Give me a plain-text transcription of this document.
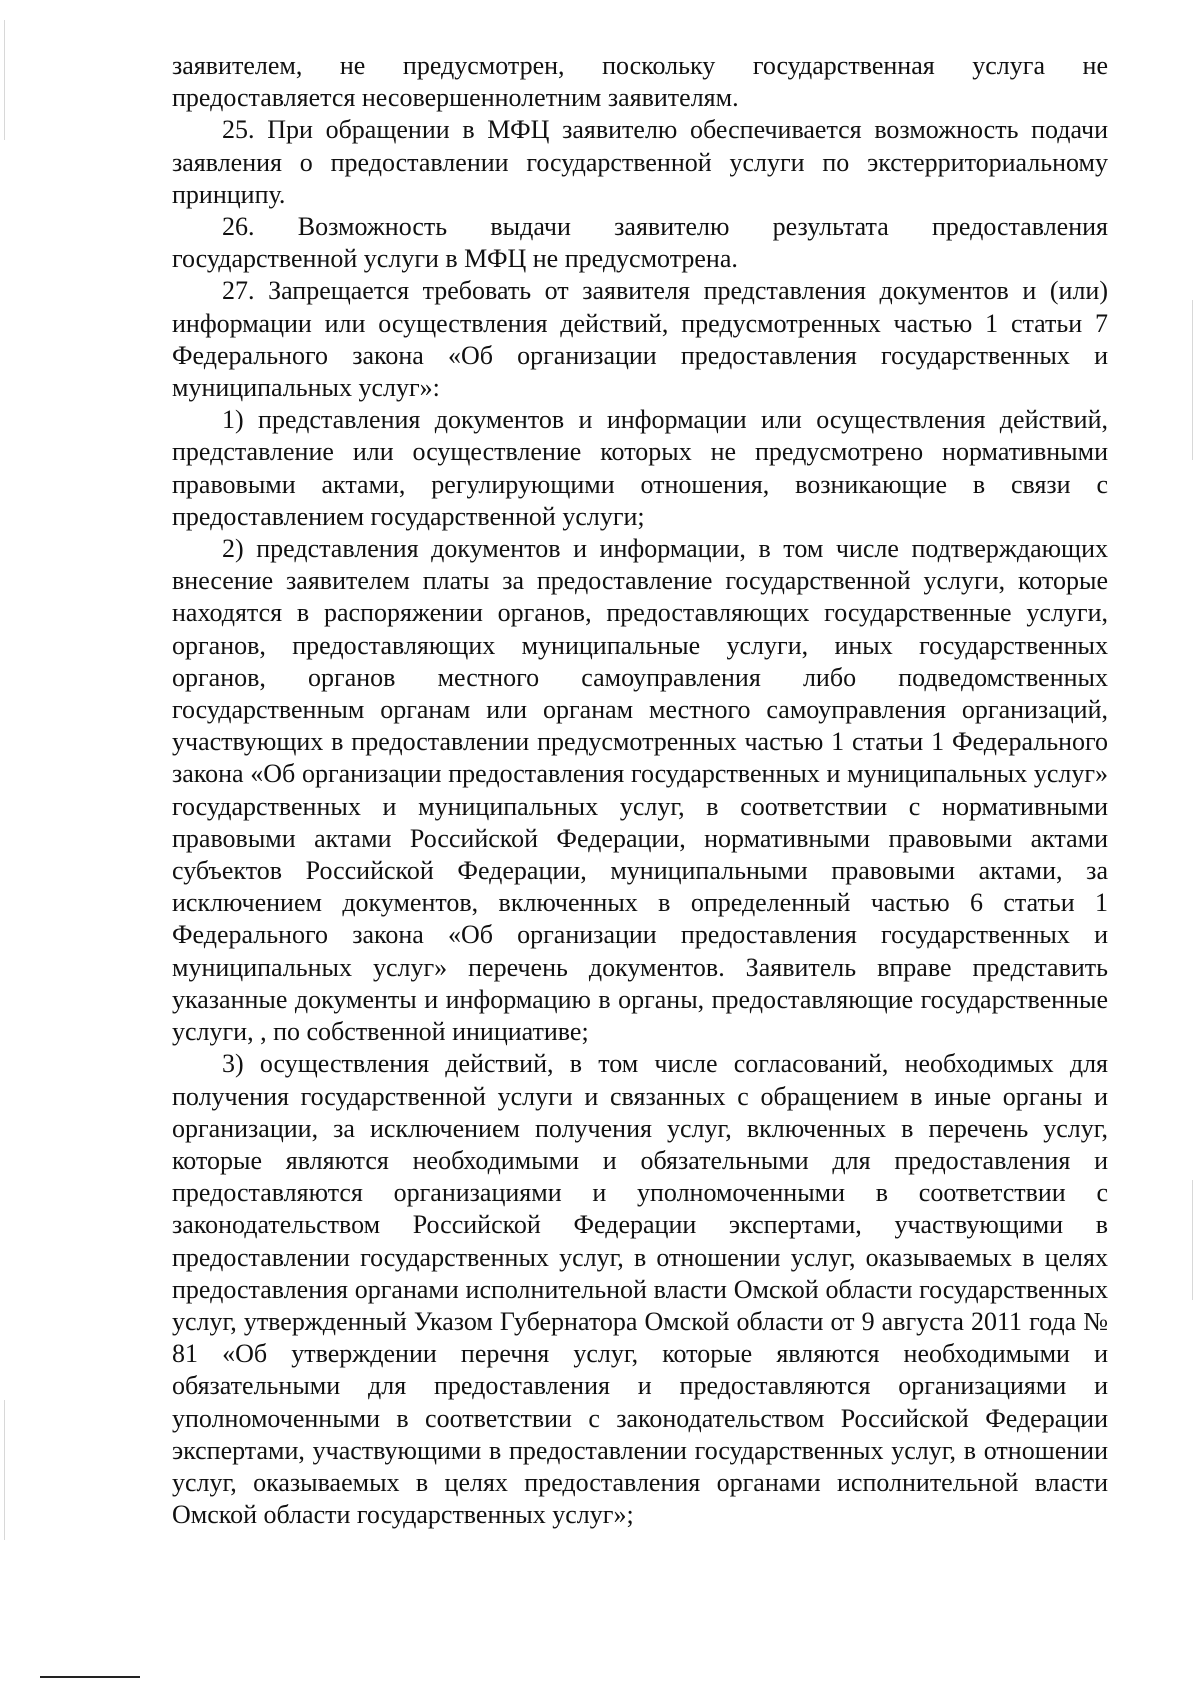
заявителем, не предусмотрен, поскольку государственная услуга не предоставляется несовершеннолетним заявителям.

25. При обращении в МФЦ заявителю обеспечивается возможность подачи заявления о предоставлении государственной услуги по экстерриториальному принципу.

26. Возможность выдачи заявителю результата предоставления государственной услуги в МФЦ не предусмотрена.

27. Запрещается требовать от заявителя представления документов и (или) информации или осуществления действий, предусмотренных частью 1 статьи 7 Федерального закона «Об организации предоставления государственных и муниципальных услуг»:

1) представления документов и информации или осуществления действий, представление или осуществление которых не предусмотрено нормативными правовыми актами, регулирующими отношения, возникающие в связи с предоставлением государственной услуги;

2) представления документов и информации, в том числе подтверждающих внесение заявителем платы за предоставление государственной услуги, которые находятся в распоряжении органов, предоставляющих государственные услуги, органов, предоставляющих муниципальные услуги, иных государственных органов, органов местного самоуправления либо подведомственных государственным органам или органам местного самоуправления организаций, участвующих в предоставлении предусмотренных частью 1 статьи 1 Федерального закона «Об организации предоставления государственных и муниципальных услуг» государственных и муниципальных услуг, в соответствии с нормативными правовыми актами Российской Федерации, нормативными правовыми актами субъектов Российской Федерации, муниципальными правовыми актами, за исключением документов, включенных в определенный частью 6 статьи 1 Федерального закона «Об организации предоставления государственных и муниципальных услуг» перечень документов. Заявитель вправе представить указанные документы и информацию в органы, предоставляющие государственные услуги, , по собственной инициативе;

3) осуществления действий, в том числе согласований, необходимых для получения государственной услуги и связанных с обращением в иные органы и организации, за исключением получения услуг, включенных в перечень услуг, которые являются необходимыми и обязательными для предоставления и предоставляются организациями и уполномоченными в соответствии с законодательством Российской Федерации экспертами, участвующими в предоставлении государственных услуг, в отношении услуг, оказываемых в целях предоставления органами исполнительной власти Омской области государственных услуг, утвержденный Указом Губернатора Омской области от 9 августа 2011 года № 81 «Об утверждении перечня услуг, которые являются необходимыми и обязательными для предоставления и предоставляются организациями и уполномоченными в соответствии с законодательством Российской Федерации экспертами, участвующими в предоставлении государственных услуг, в отношении услуг, оказываемых в целях предоставления органами исполнительной власти Омской области государственных услуг»;
